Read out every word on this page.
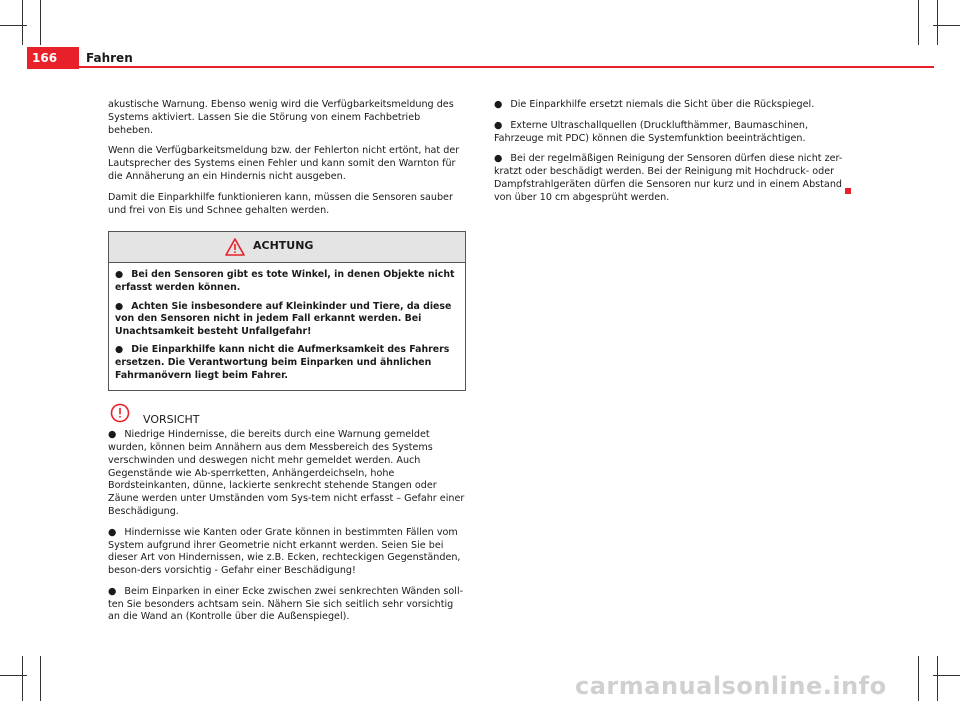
166	Fahren

akustische Warnung. Ebenso wenig wird die Verfügbarkeitsmeldung des Systems aktiviert. Lassen Sie die Störung von einem Fachbetrieb beheben.

Wenn die Verfügbarkeitsmeldung bzw. der Fehlerton nicht ertönt, hat der Lautsprecher des Systems einen Fehler und kann somit den Warnton für die Annäherung an ein Hindernis nicht ausgeben.

Damit die Einparkhilfe funktionieren kann, müssen die Sensoren sauber und frei von Eis und Schnee gehalten werden.

ACHTUNG

● Bei den Sensoren gibt es tote Winkel, in denen Objekte nicht erfasst werden können.

● Achten Sie insbesondere auf Kleinkinder und Tiere, da diese von den Sensoren nicht in jedem Fall erkannt werden. Bei Unachtsamkeit besteht Unfallgefahr!

● Die Einparkhilfe kann nicht die Aufmerksamkeit des Fahrers ersetzen. Die Verantwortung beim Einparken und ähnlichen Fahrmanövern liegt beim Fahrer.

VORSICHT

● Niedrige Hindernisse, die bereits durch eine Warnung gemeldet wurden, können beim Annähern aus dem Messbereich des Systems verschwinden und deswegen nicht mehr gemeldet werden. Auch Gegenstände wie Ab-sperrketten, Anhängerdeichseln, hohe Bordsteinkanten, dünne, lackierte senkrecht stehende Stangen oder Zäune werden unter Umständen vom Sys-tem nicht erfasst – Gefahr einer Beschädigung.

● Hindernisse wie Kanten oder Grate können in bestimmten Fällen vom System aufgrund ihrer Geometrie nicht erkannt werden. Seien Sie bei dieser Art von Hindernissen, wie z.B. Ecken, rechteckigen Gegenständen, beson-ders vorsichtig - Gefahr einer Beschädigung!

● Beim Einparken in einer Ecke zwischen zwei senkrechten Wänden soll-ten Sie besonders achtsam sein. Nähern Sie sich seitlich sehr vorsichtig an die Wand an (Kontrolle über die Außenspiegel).

● Die Einparkhilfe ersetzt niemals die Sicht über die Rückspiegel.

● Externe Ultraschallquellen (Drucklufthämmer, Baumaschinen, Fahrzeuge mit PDC) können die Systemfunktion beeinträchtigen.

● Bei der regelmäßigen Reinigung der Sensoren dürfen diese nicht zer-kratzt oder beschädigt werden. Bei der Reinigung mit Hochdruck- oder Dampfstrahlgeräten dürfen die Sensoren nur kurz und in einem Abstand von über 10 cm abgesprüht werden.

carmanualsonline.info
